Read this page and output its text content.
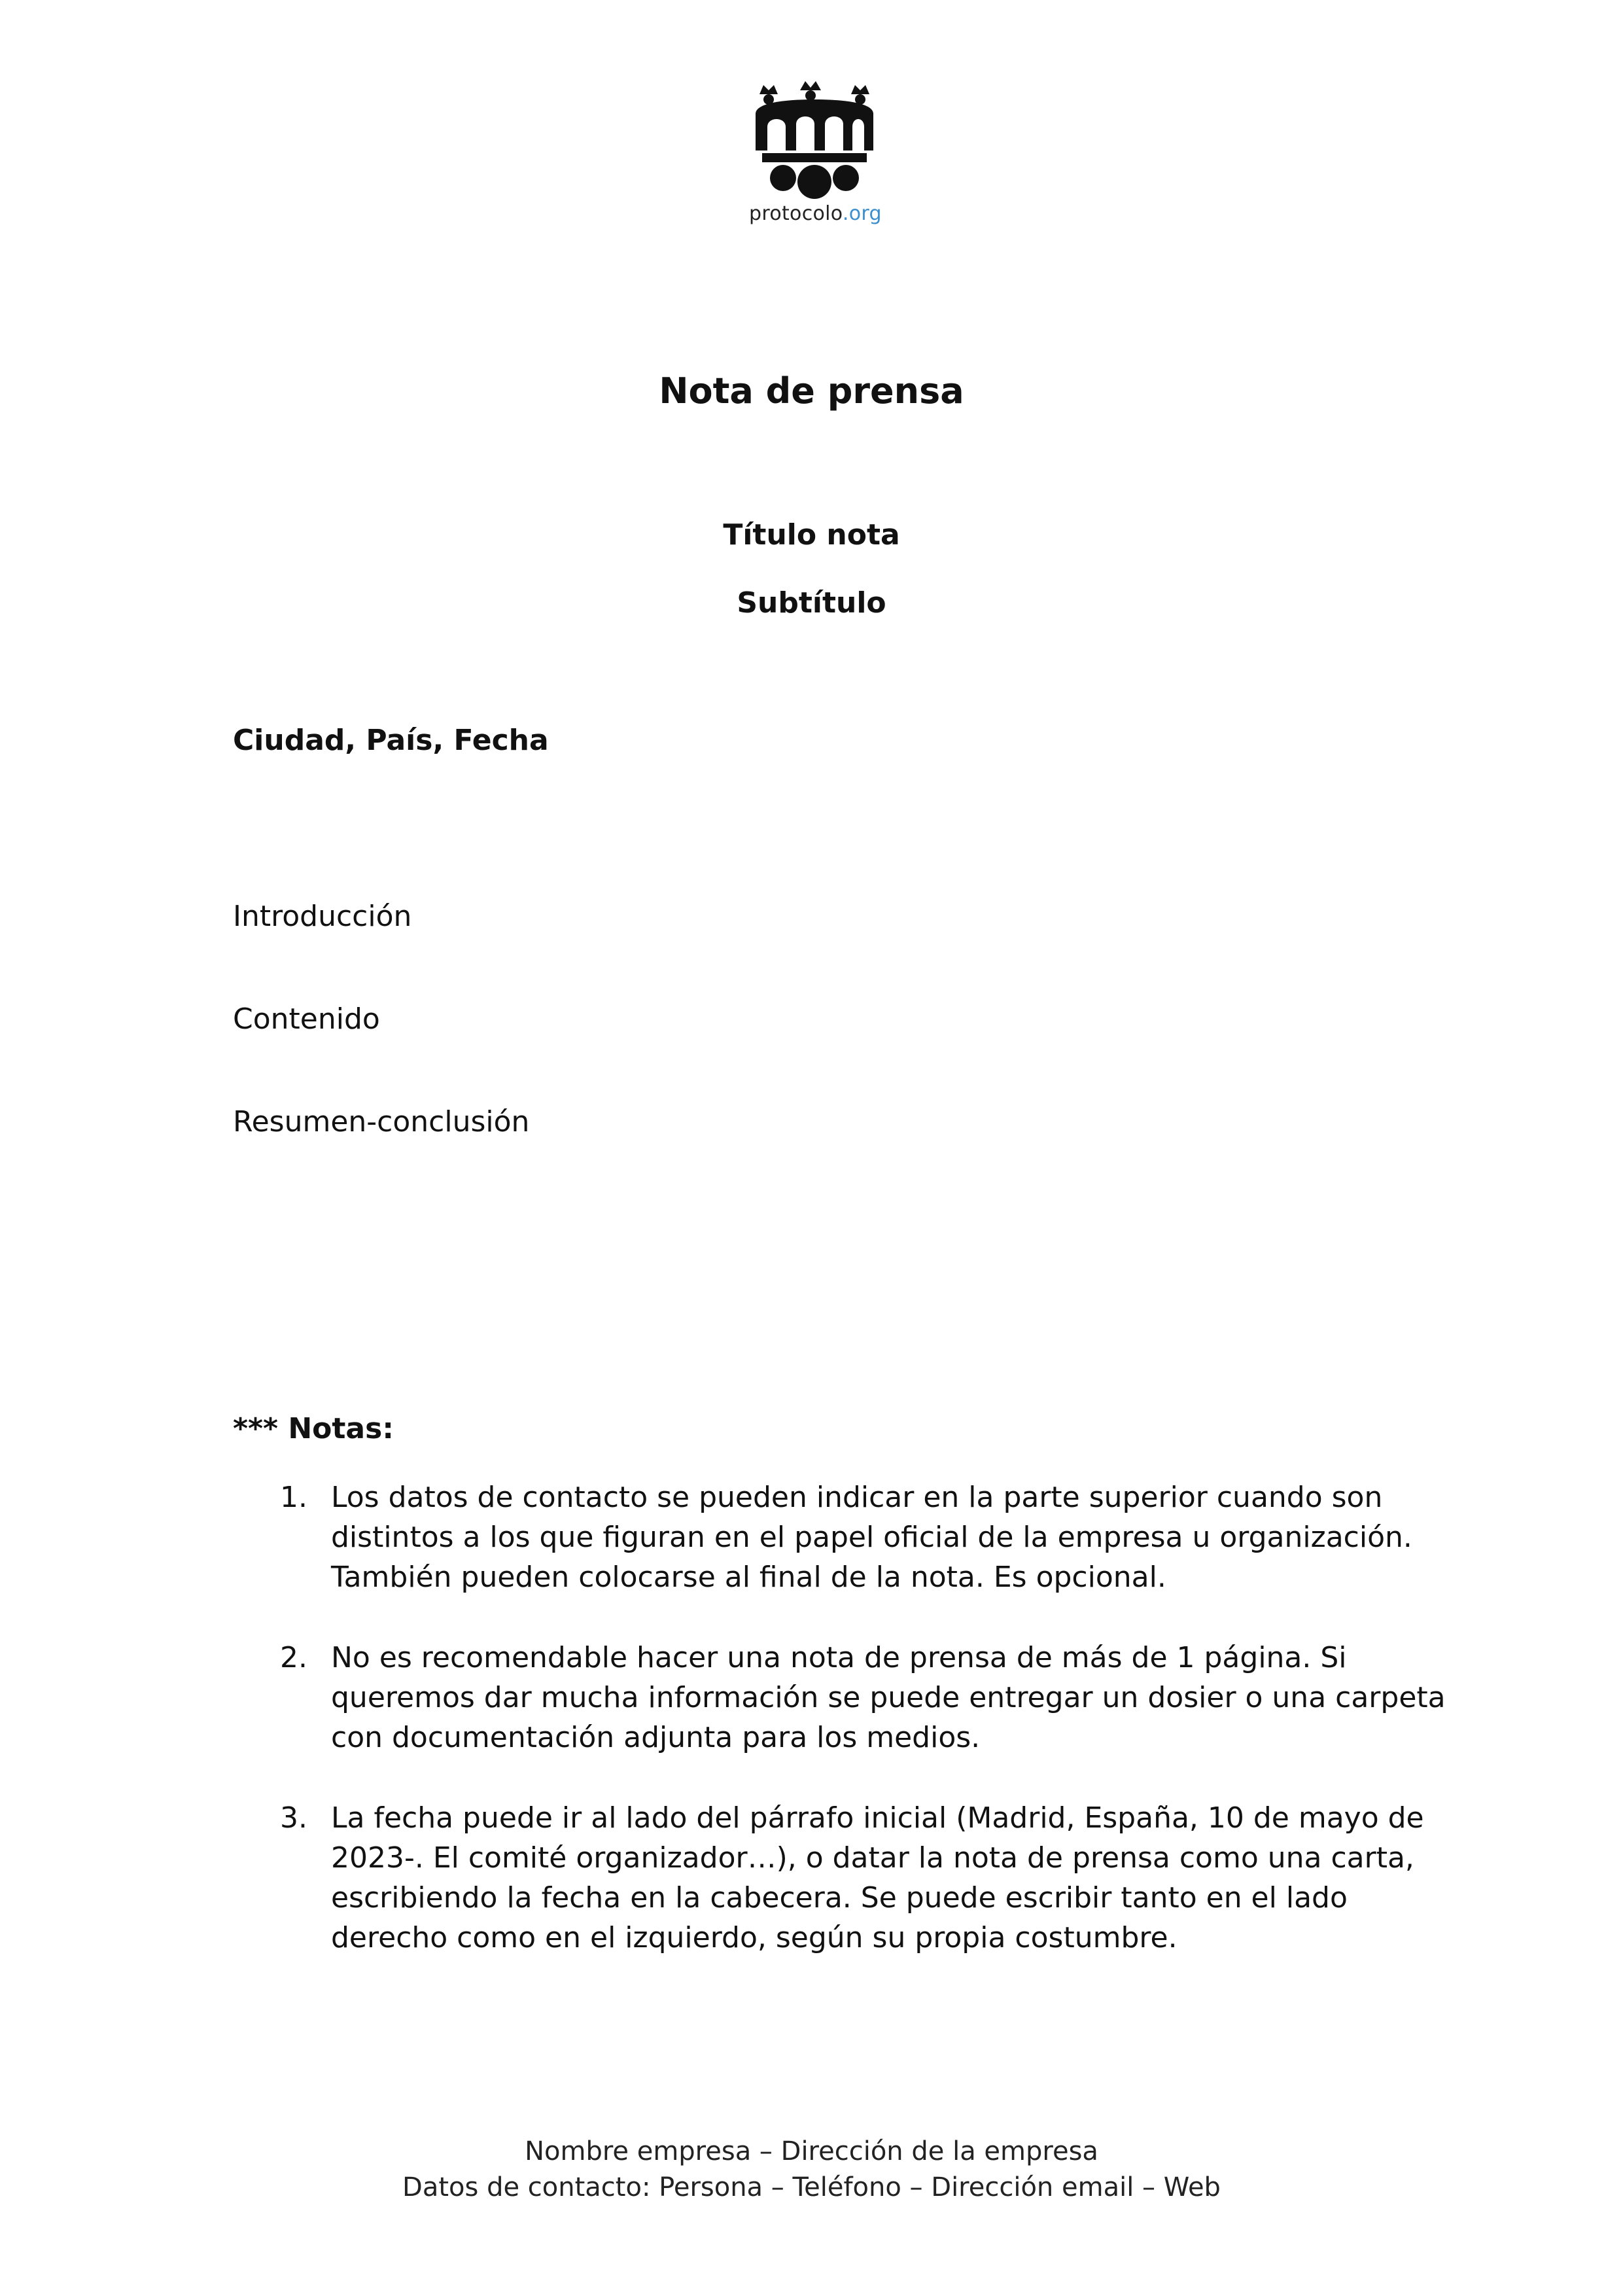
protocolo.org
Nota de prensa
Título nota
Subtítulo
Ciudad, País, Fecha
Introducción
Contenido
Resumen-conclusión
*** Notas:
1. Los datos de contacto se pueden indicar en la parte superior cuando son
distintos a los que figuran en el papel oficial de la empresa u organización.
También pueden colocarse al final de la nota. Es opcional.
2. No es recomendable hacer una nota de prensa de más de 1 página. Si
queremos dar mucha información se puede entregar un dosier o una carpeta
con documentación adjunta para los medios.
3. La fecha puede ir al lado del párrafo inicial (Madrid, España, 10 de mayo de
2023-. El comité organizador…), o datar la nota de prensa como una carta,
escribiendo la fecha en la cabecera. Se puede escribir tanto en el lado
derecho como en el izquierdo, según su propia costumbre.
Nombre empresa – Dirección de la empresa
Datos de contacto: Persona – Teléfono – Dirección email – Web
